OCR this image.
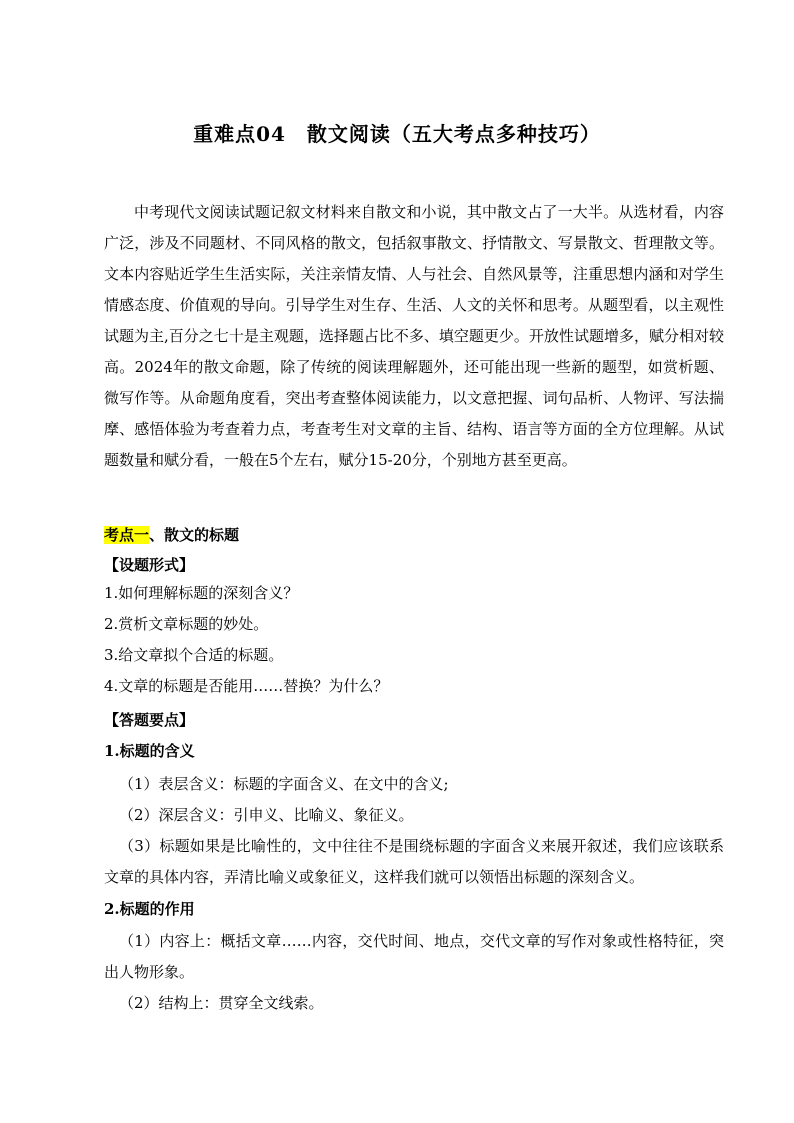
重难点04　散文阅读（五大考点多种技巧）

中考现代文阅读试题记叙文材料来自散文和小说，其中散文占了一大半。从选材看，内容广泛，涉及不同题材、不同风格的散文，包括叙事散文、抒情散文、写景散文、哲理散文等。文本内容贴近学生生活实际，关注亲情友情、人与社会、自然风景等，注重思想内涵和对学生情感态度、价值观的导向。引导学生对生存、生活、人文的关怀和思考。从题型看，以主观性试题为主,百分之七十是主观题，选择题占比不多、填空题更少。开放性试题增多，赋分相对较高。2024年的散文命题，除了传统的阅读理解题外，还可能出现一些新的题型，如赏析题、微写作等。从命题角度看，突出考查整体阅读能力，以文意把握、词句品析、人物评、写法揣摩、感悟体验为考查着力点，考查考生对文章的主旨、结构、语言等方面的全方位理解。从试题数量和赋分看，一般在5个左右，赋分15-20分，个别地方甚至更高。

考点一、散文的标题
【设题形式】
1.如何理解标题的深刻含义？
2.赏析文章标题的妙处。
3.给文章拟个合适的标题。
4.文章的标题是否能用……替换？为什么？
【答题要点】
1.标题的含义
（1）表层含义：标题的字面含义、在文中的含义;
（2）深层含义：引申义、比喻义、象征义。

（3）标题如果是比喻性的，文中往往不是围绕标题的字面含义来展开叙述，我们应该联系文章的具体内容，弄清比喻义或象征义，这样我们就可以领悟出标题的深刻含义。

2.标题的作用

（1）内容上：概括文章……内容，交代时间、地点，交代文章的写作对象或性格特征，突出人物形象。

（2）结构上：贯穿全文线索。
